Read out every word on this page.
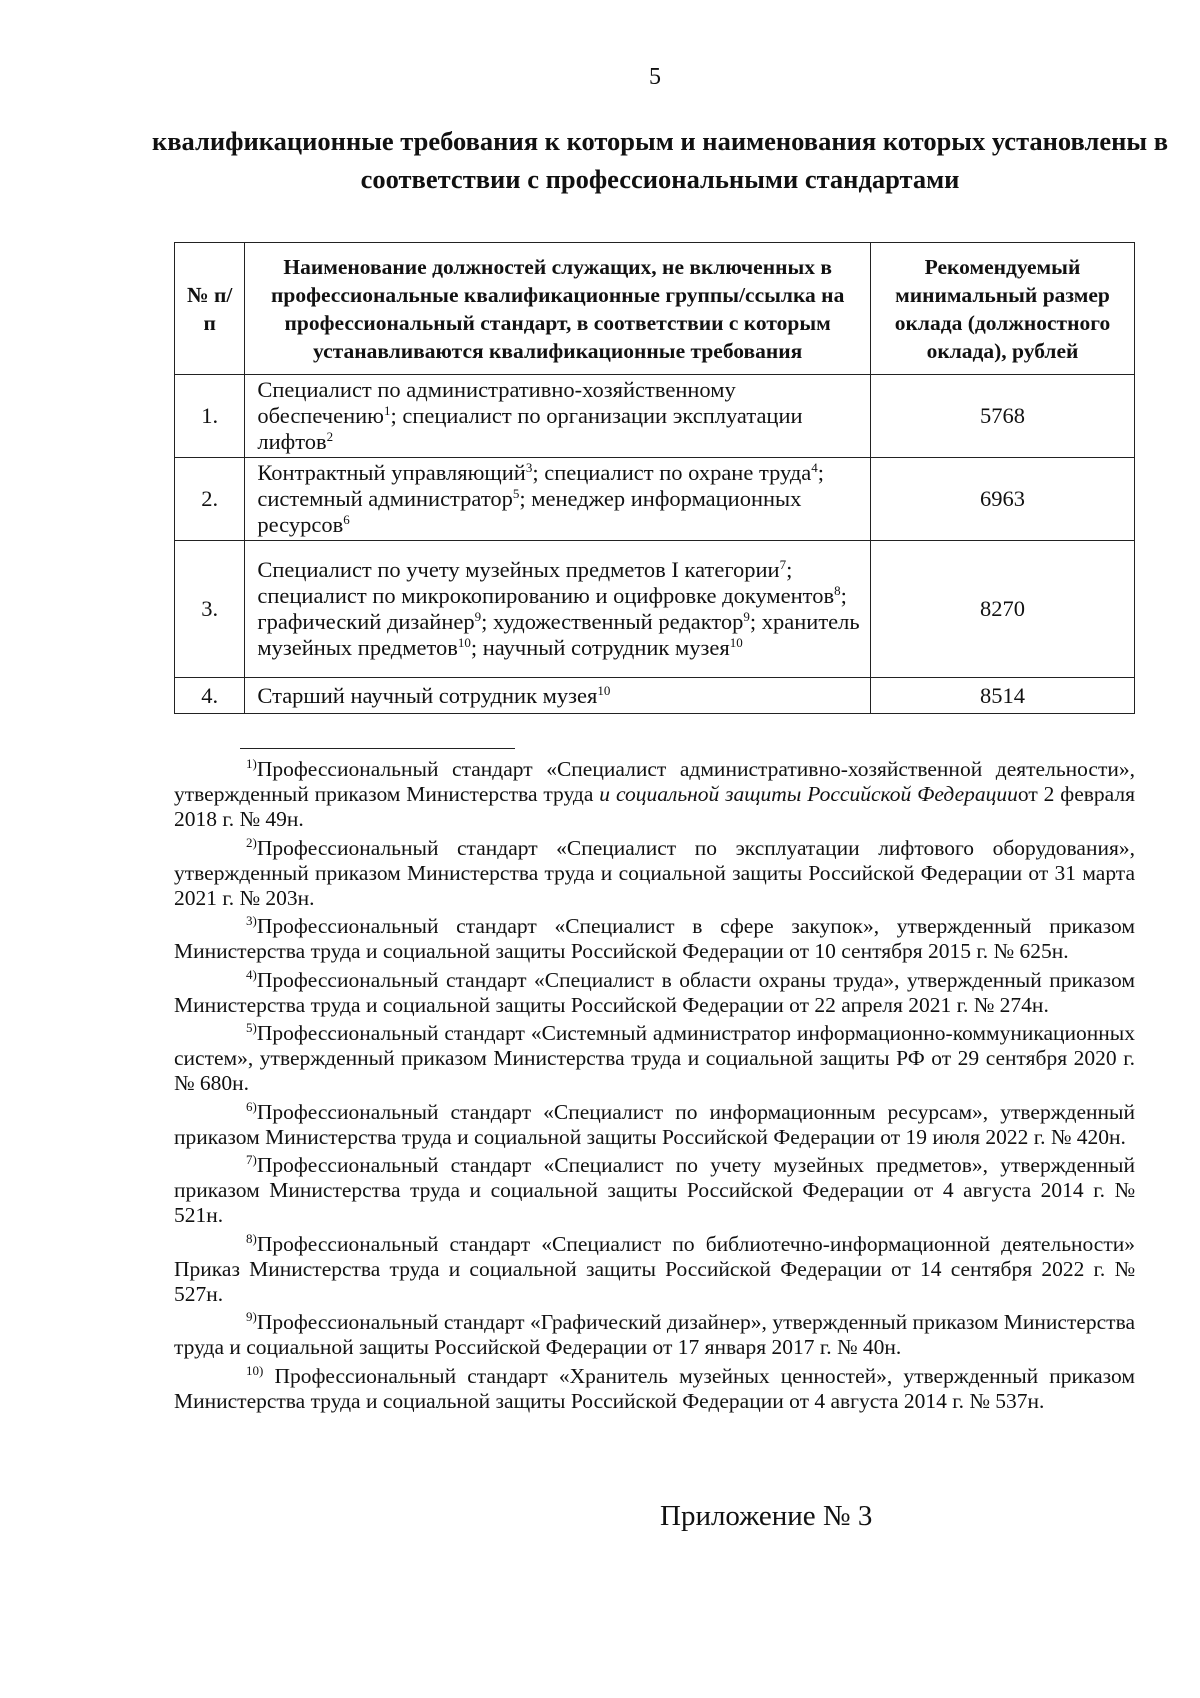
5
квалификационные требования к которым и наименования которых установлены в соответствии с профессиональными стандартами
№ п/п	Наименование должностей служащих, не включенных в профессиональные квалификационные группы/ссылка на профессиональный стандарт, в соответствии с которым устанавливаются квалификационные требования	Рекомендуемый минимальный размер оклада (должностного оклада), рублей
1.	Специалист по административно-хозяйственному обеспечению$^1$; специалист по организации эксплуатации лифтов$^2$	5768
2.	Контрактный управляющий$^3$; специалист по охране труда$^4$; системный администратор$^5$; менеджер информационных ресурсов$^6$	6963
3.	Специалист по учету музейных предметов I категории$^7$; специалист по микрокопированию и оцифровке документов$^8$; графический дизайнер$^9$; художественный редактор$^9$; хранитель музейных предметов$^{10}$; научный сотрудник музея$^{10}$	8270
4.	Старший научный сотрудник музея$^{10}$	8514

$^{1)}$Профессиональный стандарт «Специалист административно-хозяйственной деятельности», утвержденный приказом Министерства труда и социальной защиты Российской Федерацииот 2 февраля 2018 г. № 49н.

$^{2)}$Профессиональный стандарт «Специалист по эксплуатации лифтового оборудования», утвержденный приказом Министерства труда и социальной защиты Российской Федерации от 31 марта 2021 г. № 203н.

$^{3)}$Профессиональный стандарт «Специалист в сфере закупок», утвержденный приказом Министерства труда и социальной защиты Российской Федерации от 10 сентября 2015 г. № 625н.

$^{4)}$Профессиональный стандарт «Специалист в области охраны труда», утвержденный приказом Министерства труда и социальной защиты Российской Федерации от 22 апреля 2021 г. № 274н.

$^{5)}$Профессиональный стандарт «Системный администратор информационно-коммуникационных систем», утвержденный приказом Министерства труда и социальной защиты РФ от 29 сентября 2020 г. № 680н.

$^{6)}$Профессиональный стандарт «Специалист по информационным ресурсам», утвержденный приказом Министерства труда и социальной защиты Российской Федерации от 19 июля 2022 г. № 420н.

$^{7)}$Профессиональный стандарт «Специалист по учету музейных предметов», утвержденный приказом Министерства труда и социальной защиты Российской Федерации от 4 августа 2014 г. № 521н.

$^{8)}$Профессиональный стандарт «Специалист по библиотечно-информационной деятельности» Приказ Министерства труда и социальной защиты Российской Федерации от 14 сентября 2022 г. № 527н.

$^{9)}$Профессиональный стандарт «Графический дизайнер», утвержденный приказом Министерства труда и социальной защиты Российской Федерации от 17 января 2017 г. № 40н.

$^{10)}$ Профессиональный стандарт «Хранитель музейных ценностей», утвержденный приказом Министерства труда и социальной защиты Российской Федерации от 4 августа 2014 г. № 537н.

Приложение № 3
